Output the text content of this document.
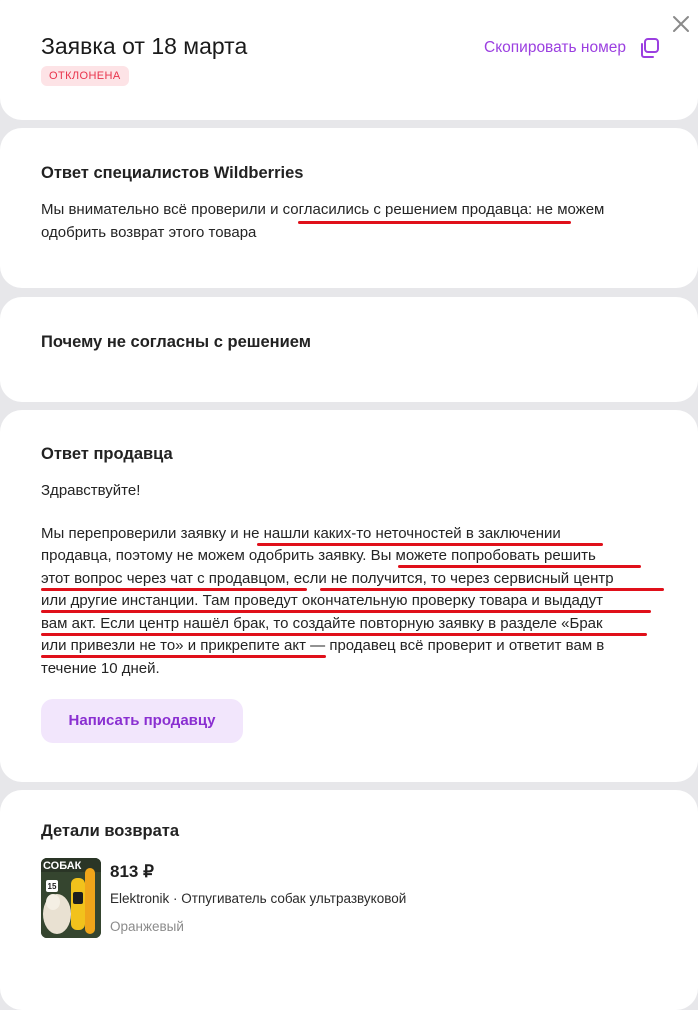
Заявка от 18 марта
ОТКЛОНЕНА
Скопировать номер
Ответ специалистов Wildberries
Мы внимательно всё проверили и согласились с решением продавца: не можем
одобрить возврат этого товара
Почему не согласны с решением
Ответ продавца
Здравствуйте!
Мы перепроверили заявку и не нашли каких-то неточностей в заключении
продавца, поэтому не можем одобрить заявку. Вы можете попробовать решить
этот вопрос через чат с продавцом, если не получится, то через сервисный центр
или другие инстанции. Там проведут окончательную проверку товара и выдадут
вам акт. Если центр нашёл брак, то создайте повторную заявку в разделе «Брак
или привезли не то» и прикрепите акт — продавец всё проверит и ответит вам в
течение 10 дней.
Написать продавцу
Детали возврата
15
СОБАК 813 ₽
Elektronik · Отпугиватель собак ультразвуковой
Оранжевый
